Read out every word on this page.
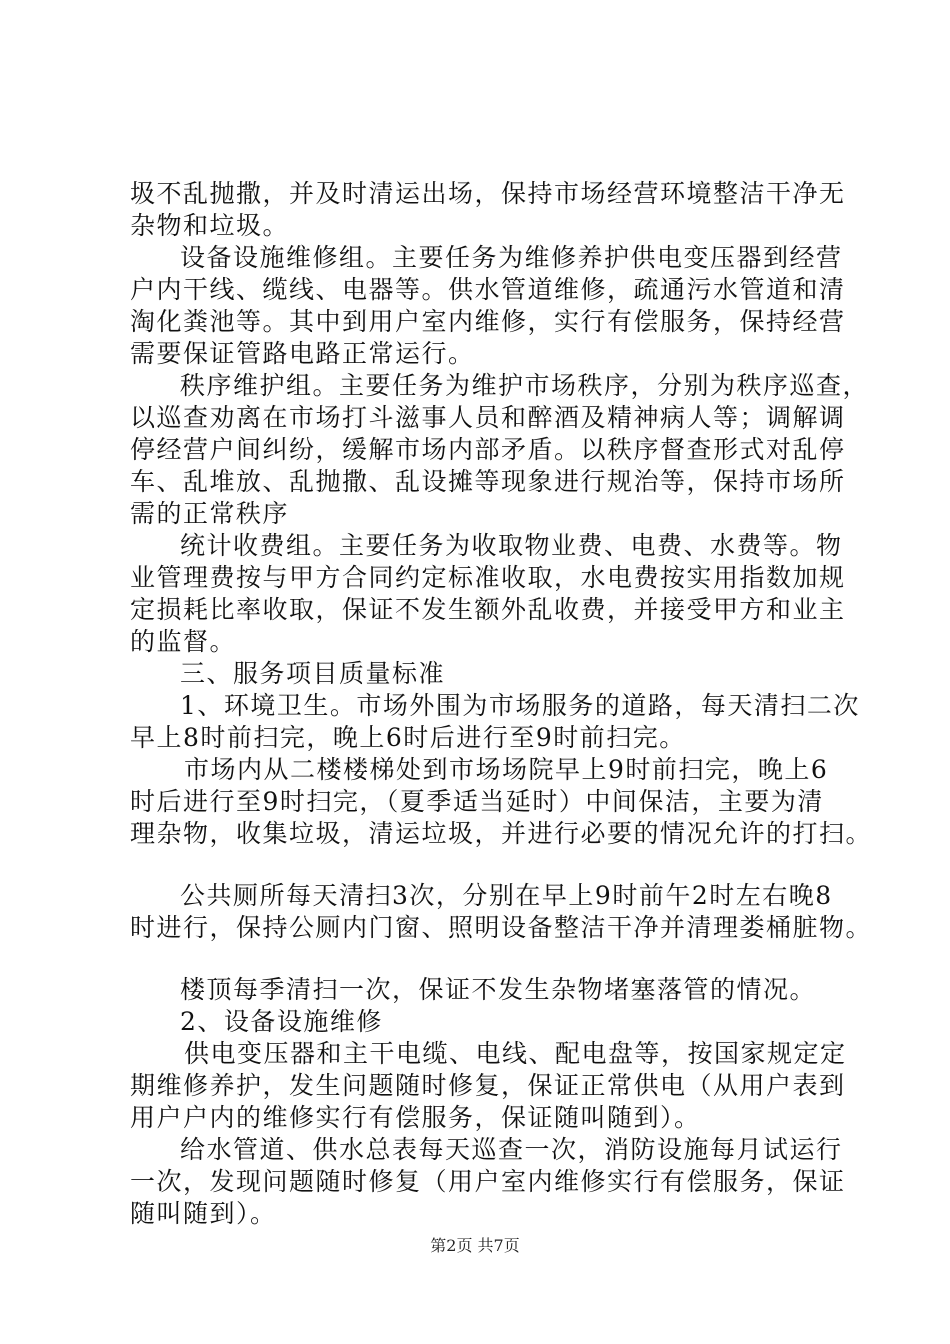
圾不乱抛撒，并及时清运出场，保持市场经营环境整洁干净无
杂物和垃圾。
设备设施维修组。主要任务为维修养护供电变压器到经营
户内干线、缆线、电器等。供水管道维修，疏通污水管道和清
淘化粪池等。其中到用户室内维修，实行有偿服务，保持经营
需要保证管路电路正常运行。
秩序维护组。主要任务为维护市场秩序，分别为秩序巡查，
以巡查劝离在市场打斗滋事人员和醉酒及精神病人等；调解调
停经营户间纠纷，缓解市场内部矛盾。以秩序督查形式对乱停
车、乱堆放、乱抛撒、乱设摊等现象进行规治等，保持市场所
需的正常秩序
统计收费组。主要任务为收取物业费、电费、水费等。物
业管理费按与甲方合同约定标准收取，水电费按实用指数加规
定损耗比率收取，保证不发生额外乱收费，并接受甲方和业主
的监督。
三、服务项目质量标准
1、环境卫生。市场外围为市场服务的道路，每天清扫二次
早上8时前扫完，晚上6时后进行至9时前扫完。
市场内从二楼楼梯处到市场场院早上9时前扫完，晚上6
时后进行至9时扫完，（夏季适当延时）中间保洁，主要为清
理杂物，收集垃圾，清运垃圾，并进行必要的情况允许的打扫。
公共厕所每天清扫3次，分别在早上9时前午2时左右晚8
时进行，保持公厕内门窗、照明设备整洁干净并清理娄桶脏物。
楼顶每季清扫一次，保证不发生杂物堵塞落管的情况。
2、设备设施维修
供电变压器和主干电缆、电线、配电盘等，按国家规定定
期维修养护，发生问题随时修复，保证正常供电（从用户表到
用户户内的维修实行有偿服务，保证随叫随到）。
给水管道、供水总表每天巡查一次，消防设施每月试运行
一次，发现问题随时修复（用户室内维修实行有偿服务，保证
随叫随到）。
第2页 共7页
